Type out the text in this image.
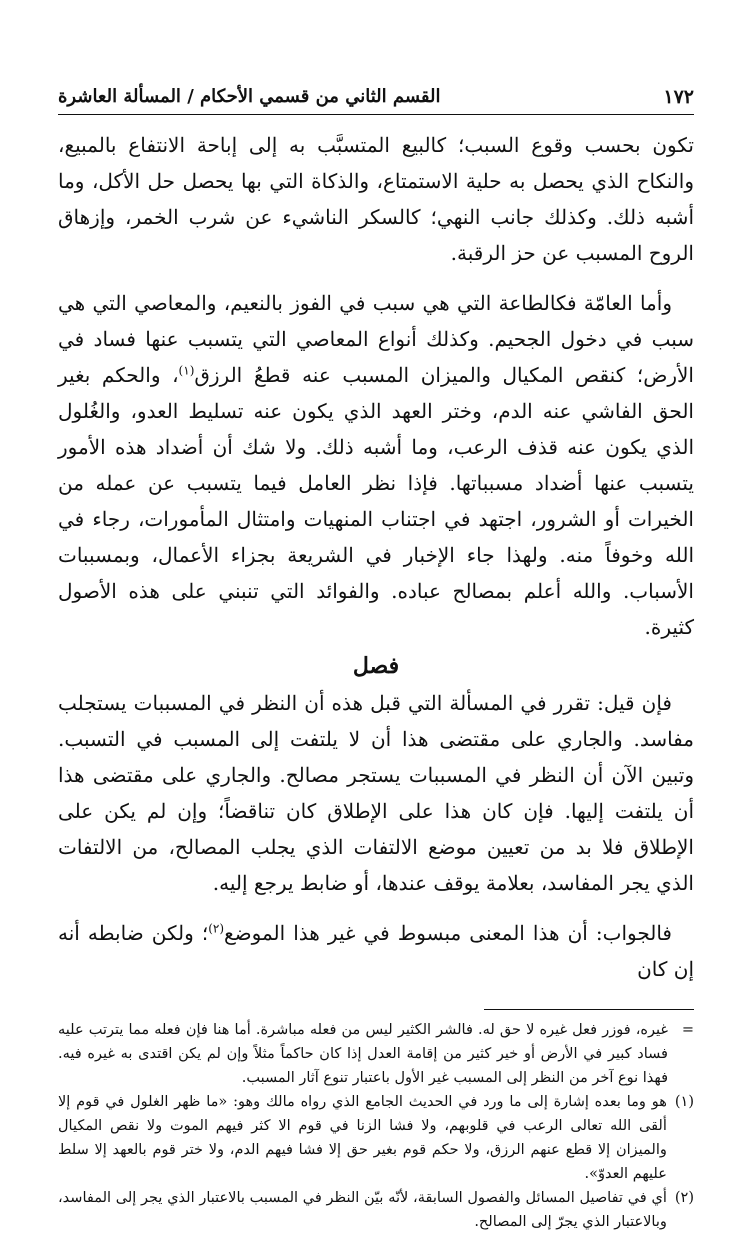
١٧٢
القسم الثاني من قسمي الأحكام / المسألة العاشرة

تكون بحسب وقوع السبب؛ كالبيع المتسبَّب به إلى إباحة الانتفاع بالمبيع، والنكاح الذي يحصل به حلية الاستمتاع، والذكاة التي بها يحصل حل الأكل، وما أشبه ذلك. وكذلك جانب النهي؛ كالسكر الناشيء عن شرب الخمر، وإزهاق الروح المسبب عن حز الرقبة.

وأما العامّة فكالطاعة التي هي سبب في الفوز بالنعيم، والمعاصي التي هي سبب في دخول الجحيم. وكذلك أنواع المعاصي التي يتسبب عنها فساد في الأرض؛ كنقص المكيال والميزان المسبب عنه قطعُ الرزق$^{(١)}$، والحكم بغير الحق الفاشي عنه الدم، وختر العهد الذي يكون عنه تسليط العدو، والغُلول الذي يكون عنه قذف الرعب، وما أشبه ذلك. ولا شك أن أضداد هذه الأمور يتسبب عنها أضداد مسبباتها. فإذا نظر العامل فيما يتسبب عن عمله من الخيرات أو الشرور، اجتهد في اجتناب المنهيات وامتثال المأمورات، رجاء في الله وخوفاً منه. ولهذا جاء الإخبار في الشريعة بجزاء الأعمال، وبمسببات الأسباب. والله أعلم بمصالح عباده. والفوائد التي تنبني على هذه الأصول كثيرة.

فصل

فإن قيل: تقرر في المسألة التي قبل هذه أن النظر في المسببات يستجلب مفاسد. والجاري على مقتضى هذا أن لا يلتفت إلى المسبب في التسبب. وتبين الآن أن النظر في المسببات يستجر مصالح. والجاري على مقتضى هذا أن يلتفت إليها. فإن كان هذا على الإطلاق كان تناقضاً؛ وإن لم يكن على الإطلاق فلا بد من تعيين موضع الالتفات الذي يجلب المصالح، من الالتفات الذي يجر المفاسد، بعلامة يوقف عندها، أو ضابط يرجع إليه.

فالجواب: أن هذا المعنى مبسوط في غير هذا الموضع$^{(٢)}$؛ ولكن ضابطه أنه إن كان

=
غيره، فوزر فعل غيره لا حق له. فالشر الكثير ليس من فعله مباشرة. أما هنا فإن فعله مما يترتب عليه فساد كبير في الأرض أو خير كثير من إقامة العدل إذا كان حاكماً مثلاً وإن لم يكن اقتدى به غيره فيه. فهذا نوع آخر من النظر إلى المسبب غير الأول باعتبار تنوع آثار المسبب.
(١)
هو وما بعده إشارة إلى ما ورد في الحديث الجامع الذي رواه مالك وهو: «ما ظهر الغلول في قوم إلا ألقى الله تعالى الرعب في قلوبهم، ولا فشا الزنا في قوم الا كثر فيهم الموت ولا نقص المكيال والميزان إلا قطع عنهم الرزق، ولا حكم قوم بغير حق إلا فشا فيهم الدم، ولا ختر قوم بالعهد إلا سلط عليهم العدوّ».
(٢)
أي في تفاصيل المسائل والفصول السابقة، لأنّه بيّن النظر في المسبب بالاعتبار الذي يجر إلى المفاسد، وبالاعتبار الذي يجرّ إلى المصالح.
